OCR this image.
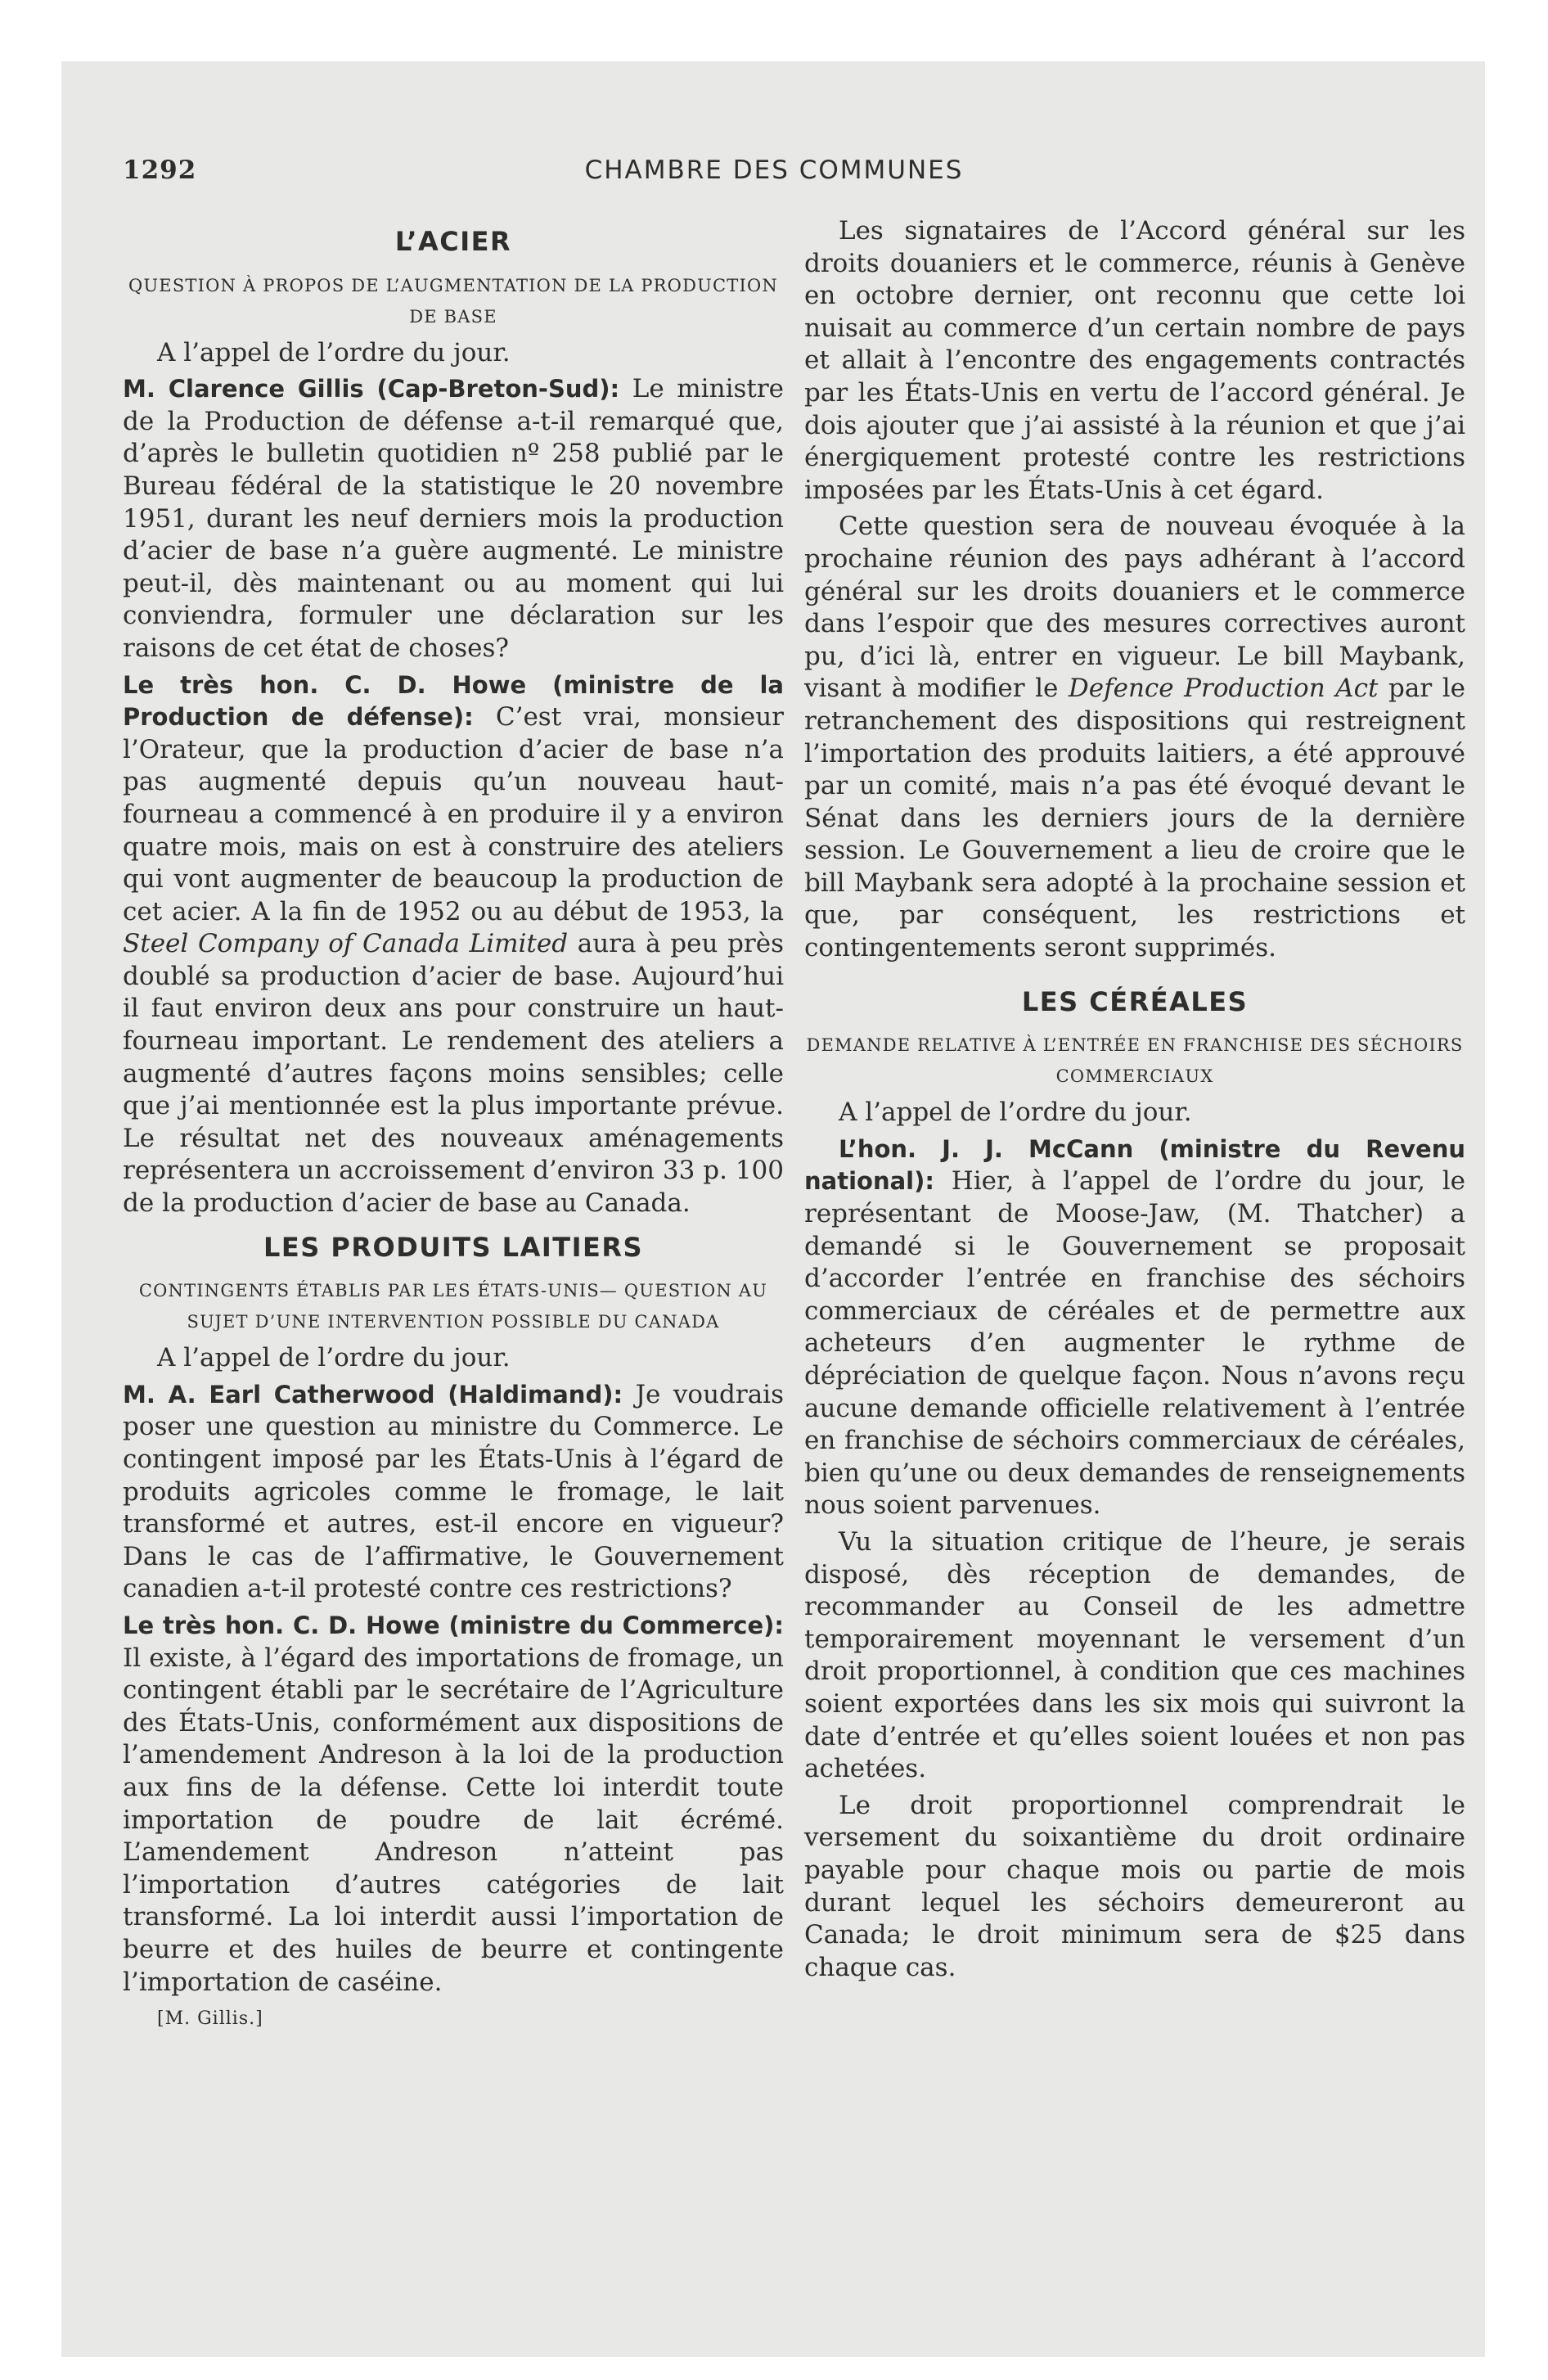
1292	CHAMBRE DES COMMUNES
L’ACIER
QUESTION À PROPOS DE L’AUGMENTATION DE LA PRODUCTION DE BASE

A l’appel de l’ordre du jour.

M. Clarence Gillis (Cap-Breton-Sud): Le ministre de la Production de défense a-t-il remarqué que, d’après le bulletin quotidien nº 258 publié par le Bureau fédéral de la statistique le 20 novembre 1951, durant les neuf derniers mois la production d’acier de base n’a guère augmenté. Le ministre peut-il, dès maintenant ou au moment qui lui conviendra, formuler une déclaration sur les raisons de cet état de choses?

Le très hon. C. D. Howe (ministre de la Production de défense): C’est vrai, monsieur l’Orateur, que la production d’acier de base n’a pas augmenté depuis qu’un nouveau haut-fourneau a commencé à en produire il y a environ quatre mois, mais on est à construire des ateliers qui vont augmenter de beaucoup la production de cet acier. A la fin de 1952 ou au début de 1953, la Steel Company of Canada Limited aura à peu près doublé sa production d’acier de base. Aujourd’hui il faut environ deux ans pour construire un haut-fourneau important. Le rendement des ateliers a augmenté d’autres façons moins sensibles; celle que j’ai mentionnée est la plus importante prévue. Le résultat net des nouveaux aménagements représentera un accroissement d’environ 33 p. 100 de la production d’acier de base au Canada.

LES PRODUITS LAITIERS
CONTINGENTS ÉTABLIS PAR LES ÉTATS-UNIS— QUESTION AU SUJET D’UNE INTERVENTION POSSIBLE DU CANADA

A l’appel de l’ordre du jour.

M. A. Earl Catherwood (Haldimand): Je voudrais poser une question au ministre du Commerce. Le contingent imposé par les États-Unis à l’égard de produits agricoles comme le fromage, le lait transformé et autres, est-il encore en vigueur? Dans le cas de l’affirmative, le Gouvernement canadien a-t-il protesté contre ces restrictions?

Le très hon. C. D. Howe (ministre du Commerce): Il existe, à l’égard des importations de fromage, un contingent établi par le secrétaire de l’Agriculture des États-Unis, conformément aux dispositions de l’amendement Andreson à la loi de la production aux fins de la défense. Cette loi interdit toute importation de poudre de lait écrémé. L’amendement Andreson n’atteint pas l’importation d’autres catégories de lait transformé. La loi interdit aussi l’importation de beurre et des huiles de beurre et contingente l’importation de caséine.

[M. Gillis.]

Les signataires de l’Accord général sur les droits douaniers et le commerce, réunis à Genève en octobre dernier, ont reconnu que cette loi nuisait au commerce d’un certain nombre de pays et allait à l’encontre des engagements contractés par les États-Unis en vertu de l’accord général. Je dois ajouter que j’ai assisté à la réunion et que j’ai énergiquement protesté contre les restrictions imposées par les États-Unis à cet égard.

Cette question sera de nouveau évoquée à la prochaine réunion des pays adhérant à l’accord général sur les droits douaniers et le commerce dans l’espoir que des mesures correctives auront pu, d’ici là, entrer en vigueur. Le bill Maybank, visant à modifier le Defence Production Act par le retranchement des dispositions qui restreignent l’importation des produits laitiers, a été approuvé par un comité, mais n’a pas été évoqué devant le Sénat dans les derniers jours de la dernière session. Le Gouvernement a lieu de croire que le bill Maybank sera adopté à la prochaine session et que, par conséquent, les restrictions et contingentements seront supprimés.

LES CÉRÉALES
DEMANDE RELATIVE À L’ENTRÉE EN FRANCHISE DES SÉCHOIRS COMMERCIAUX

A l’appel de l’ordre du jour.

L’hon. J. J. McCann (ministre du Revenu national): Hier, à l’appel de l’ordre du jour, le représentant de Moose-Jaw, (M. Thatcher) a demandé si le Gouvernement se proposait d’accorder l’entrée en franchise des séchoirs commerciaux de céréales et de permettre aux acheteurs d’en augmenter le rythme de dépréciation de quelque façon. Nous n’avons reçu aucune demande officielle relativement à l’entrée en franchise de séchoirs commerciaux de céréales, bien qu’une ou deux demandes de renseignements nous soient parvenues.

Vu la situation critique de l’heure, je serais disposé, dès réception de demandes, de recommander au Conseil de les admettre temporairement moyennant le versement d’un droit proportionnel, à condition que ces machines soient exportées dans les six mois qui suivront la date d’entrée et qu’elles soient louées et non pas achetées.

Le droit proportionnel comprendrait le versement du soixantième du droit ordinaire payable pour chaque mois ou partie de mois durant lequel les séchoirs demeureront au Canada; le droit minimum sera de $25 dans chaque cas.
